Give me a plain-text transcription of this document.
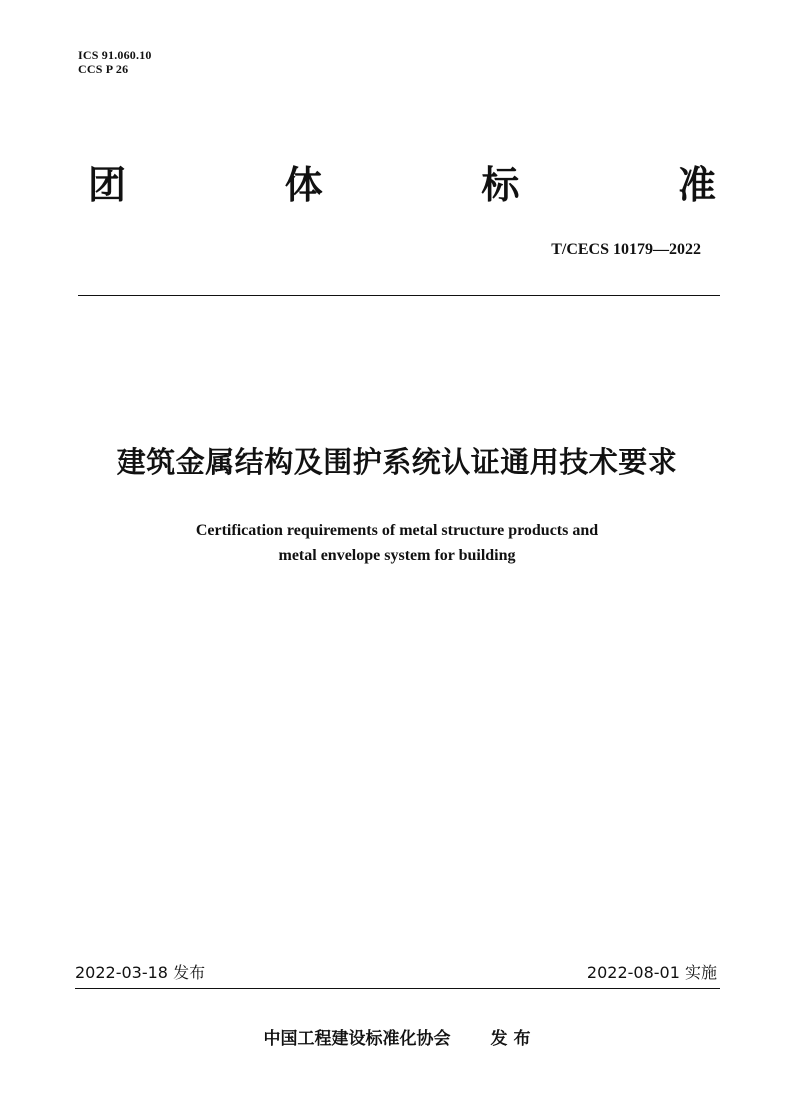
ICS 91.060.10
CCS P 26
团	体	标	准
T/CECS 10179—2022
建筑金属结构及围护系统认证通用技术要求
Certification requirements of metal structure products and
metal envelope system for building
2022-03-18 发布	2022-08-01 实施
中国工程建设标准化协会 发 布
